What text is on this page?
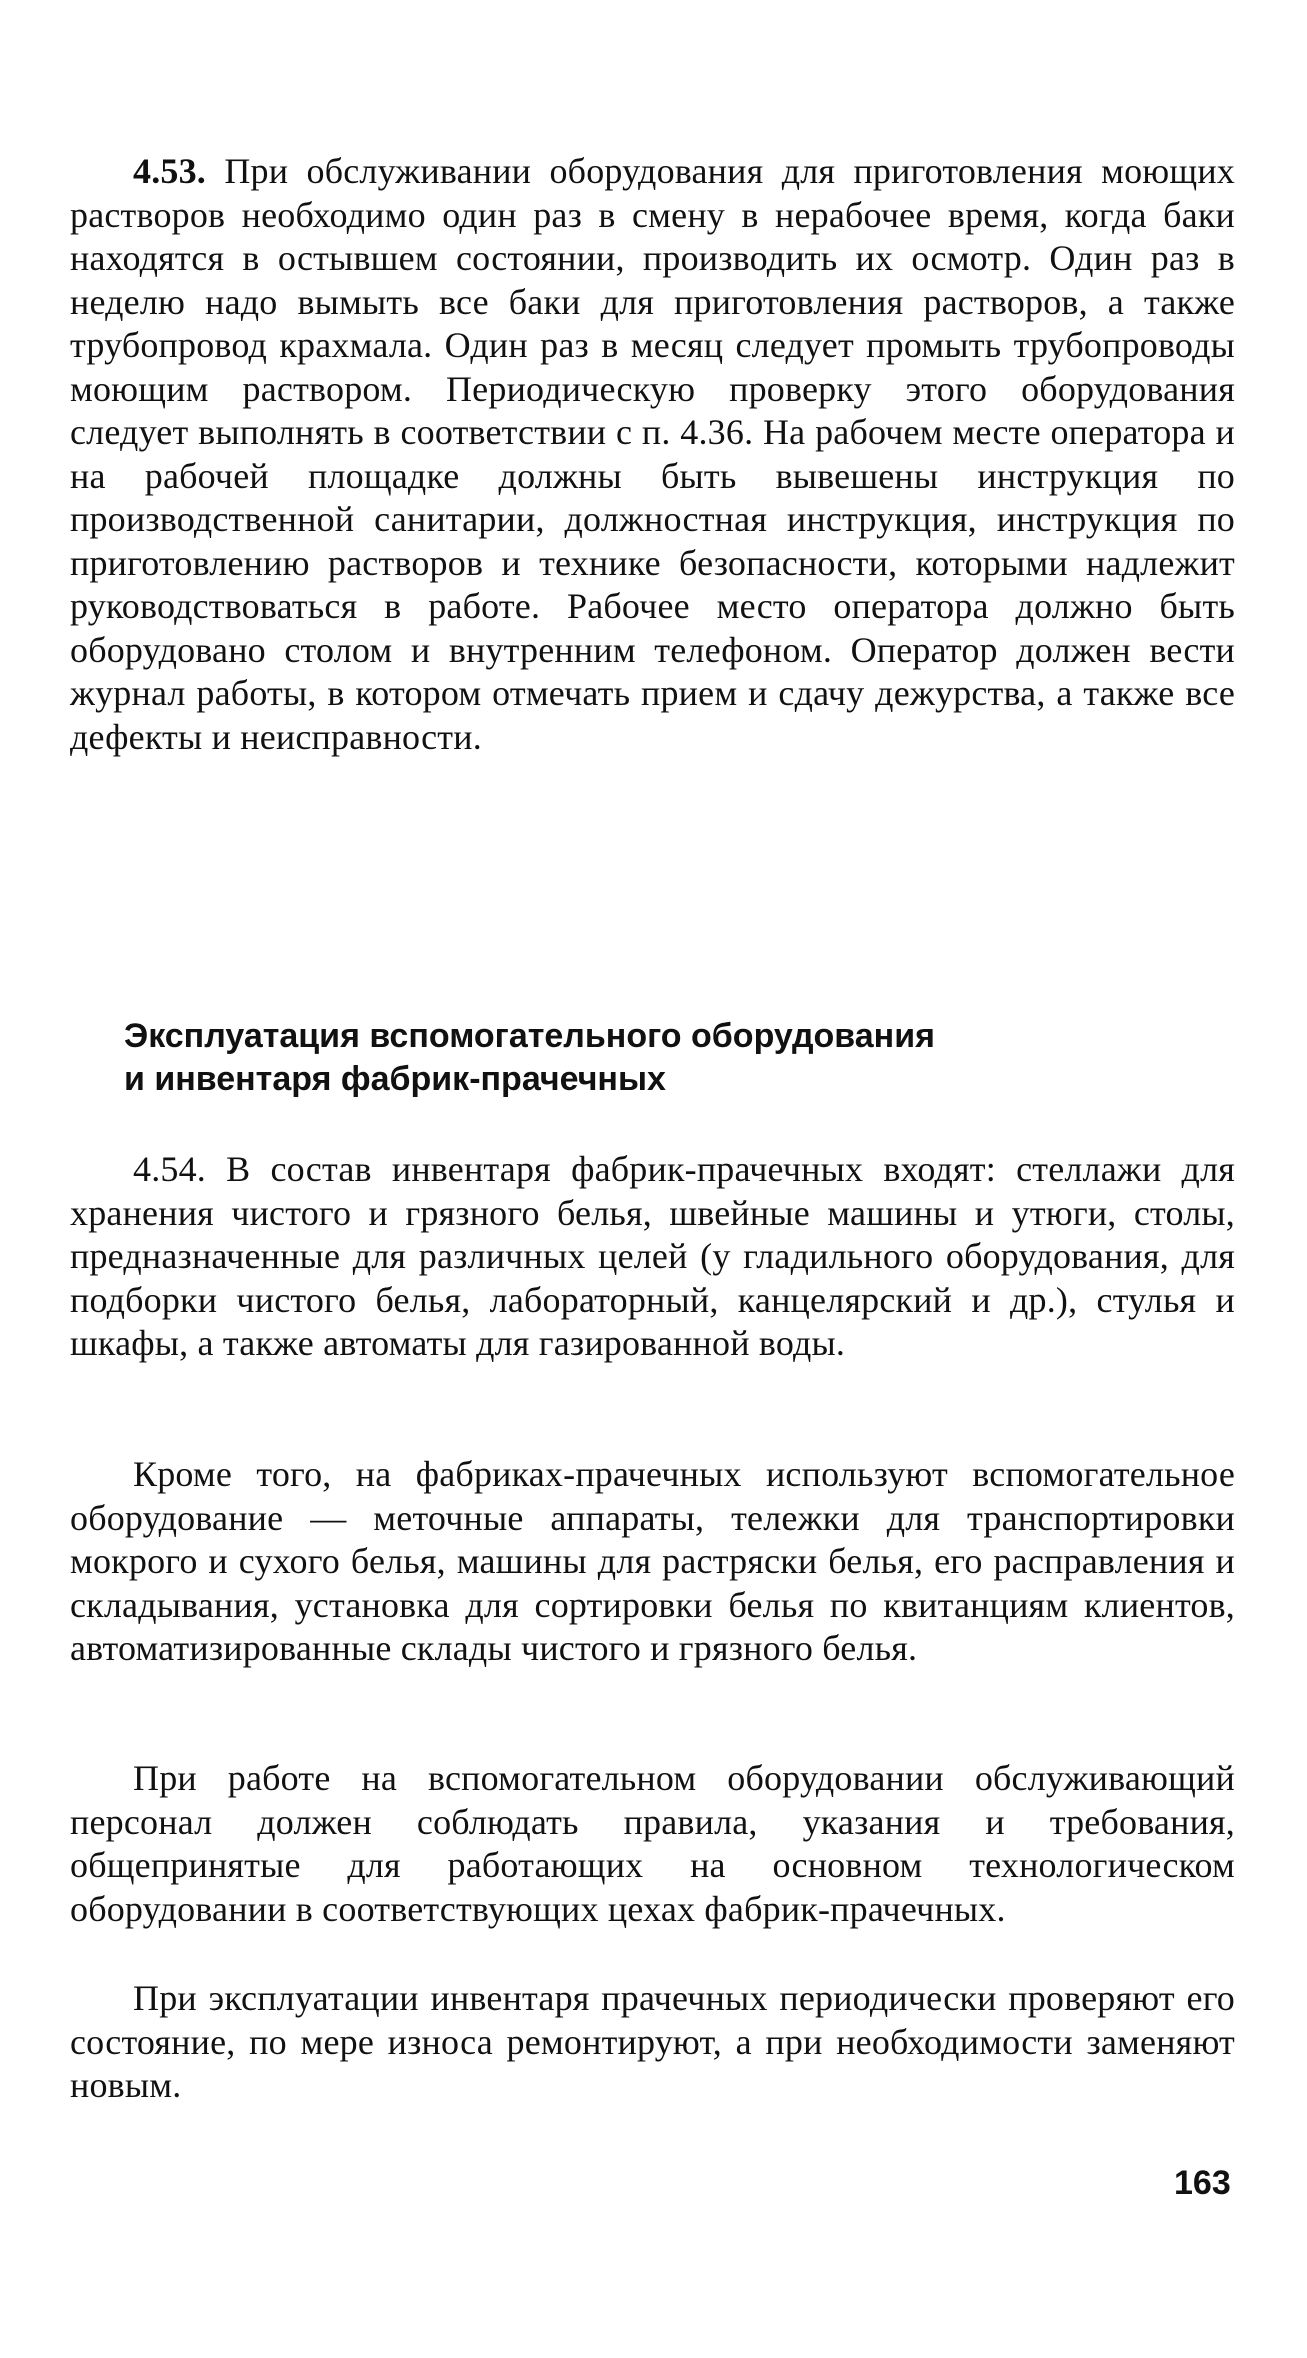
4.53. При обслуживании оборудования для приготовления моющих растворов необходимо один раз в смену в нерабочее время, когда баки находятся в остывшем состоянии, производить их осмотр. Один раз в неделю надо вымыть все баки для приготовления растворов, а также трубопровод крахмала. Один раз в месяц следует промыть трубопроводы моющим раствором. Периодическую проверку этого оборудования следует выполнять в соответствии с п. 4.36. На рабочем месте оператора и на рабочей площадке должны быть вывешены инструкция по производственной санитарии, должностная инструкция, инструкция по приготовлению растворов и технике безопасности, которыми надлежит руководствоваться в работе. Рабочее место оператора должно быть оборудовано столом и внутренним телефоном. Оператор должен вести журнал работы, в котором отмечать прием и сдачу дежурства, а также все дефекты и неисправности.

Эксплуатация вспомогательного оборудования
и инвентаря фабрик-прачечных

4.54. В состав инвентаря фабрик-прачечных входят: стеллажи для хранения чистого и грязного белья, швейные машины и утюги, столы, предназначенные для различных целей (у гладильного оборудования, для подборки чистого белья, лабораторный, канцелярский и др.), стулья и шкафы, а также автоматы для газированной воды.

Кроме того, на фабриках-прачечных используют вспомогательное оборудование — меточные аппараты, тележки для транспортировки мокрого и сухого белья, машины для растряски белья, его расправления и складывания, установка для сортировки белья по квитанциям клиентов, автоматизированные склады чистого и грязного белья.

При работе на вспомогательном оборудовании обслуживающий персонал должен соблюдать правила, указания и требования, общепринятые для работающих на основном технологическом оборудовании в соответствующих цехах фабрик-прачечных.

При эксплуатации инвентаря прачечных периодически проверяют его состояние, по мере износа ремонтируют, а при необходимости заменяют новым.

163
